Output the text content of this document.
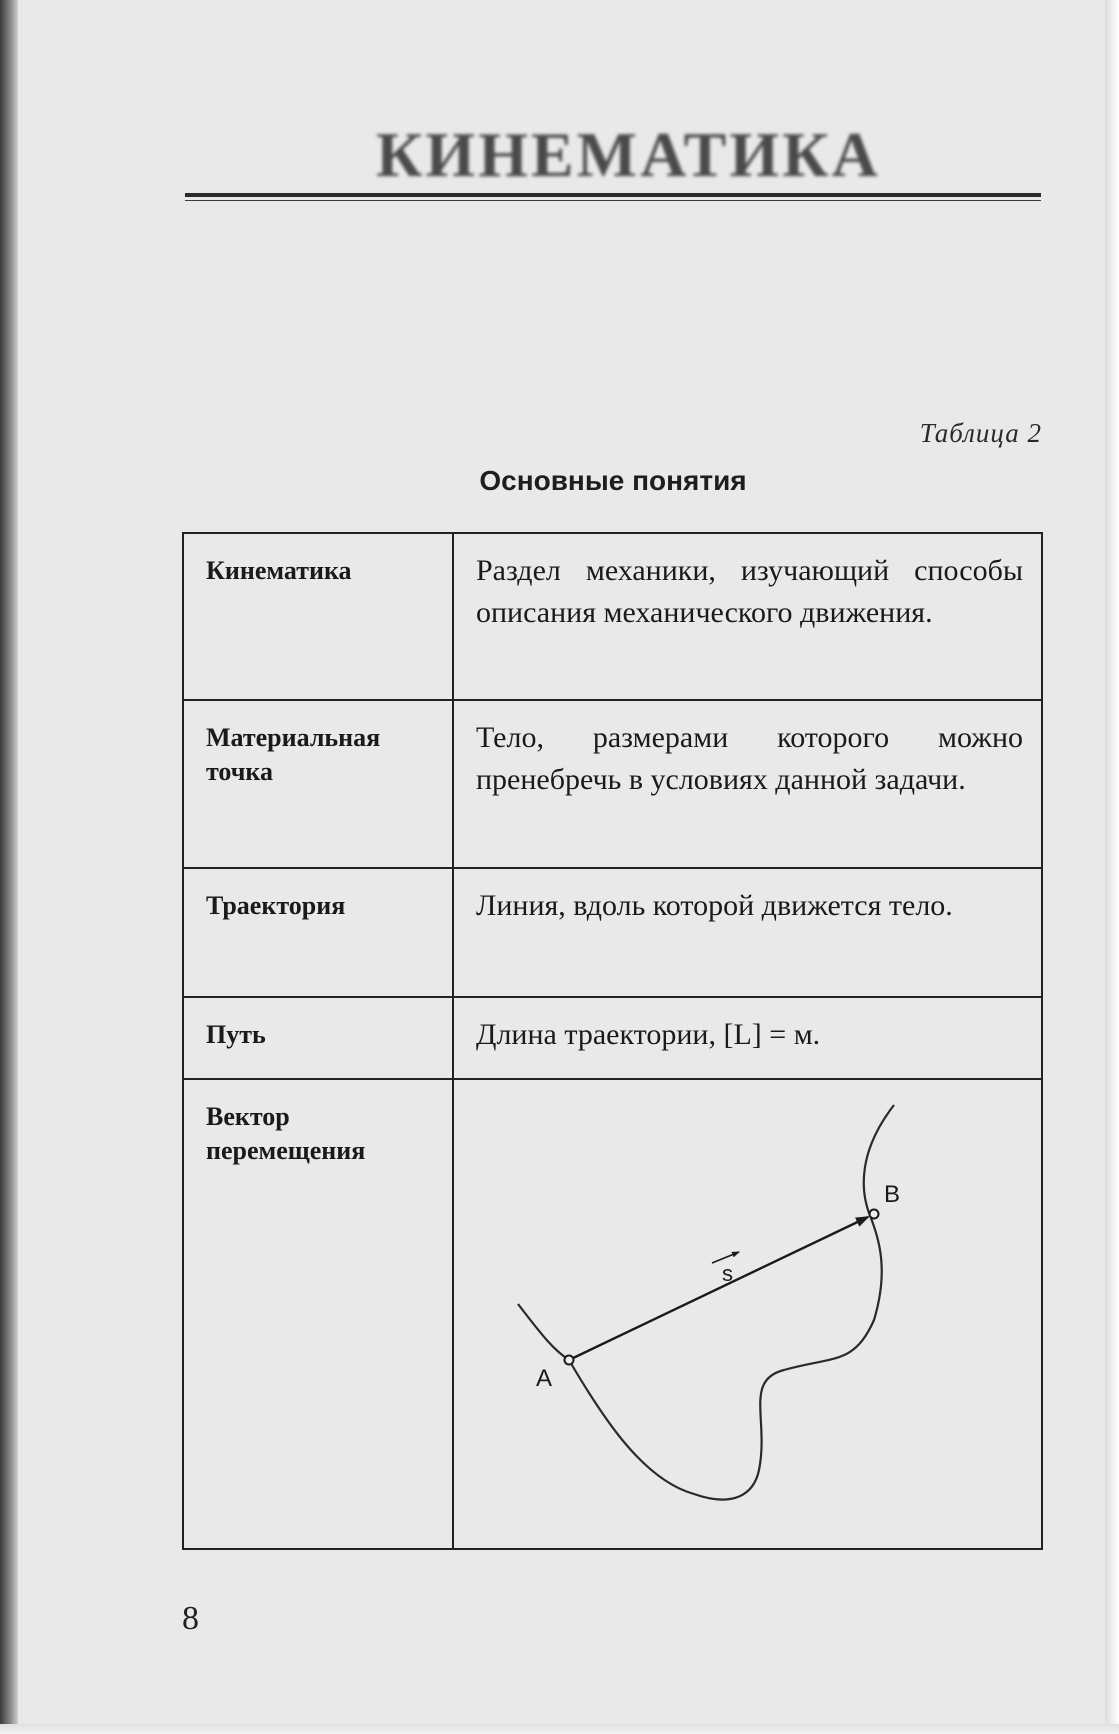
КИНЕМАТИКА
Таблица 2
Основные понятия
Кинематика	Раздел механики, изучающий способы описания механического движения.

Материальная точка	Тело, размерами которого можно пренебречь в условиях данной задачи.

Траектория	Линия, вдоль которой движется тело.

Путь	Длина траектории, [L] = м.

Вектор перемещения	s
A
B
8
